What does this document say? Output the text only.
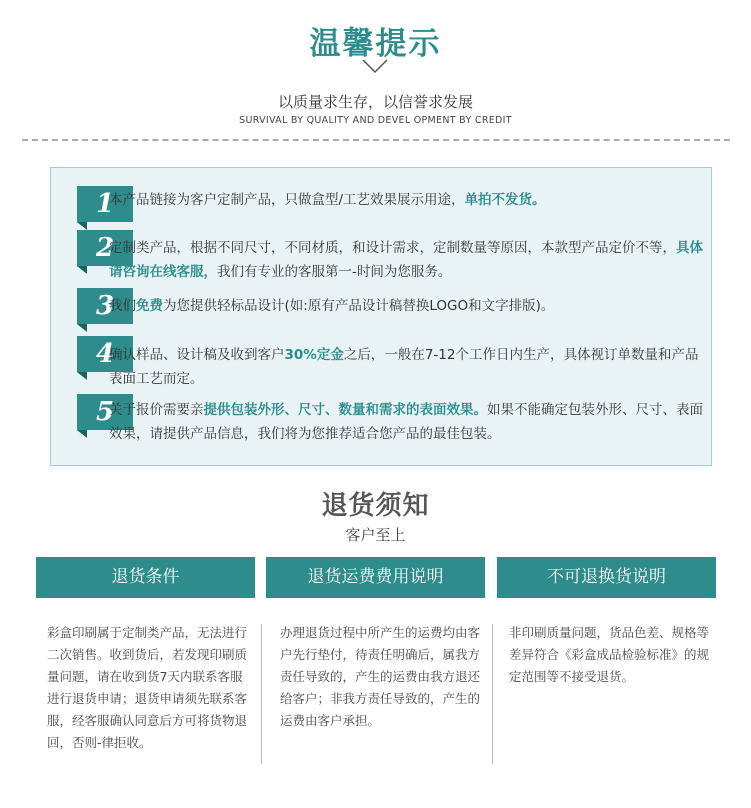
温馨提示
以质量求生存，以信誉求发展
SURVIVAL BY QUALITY AND DEVEL OPMENT BY CREDIT
1
本产品链接为客户定制产品，只做盒型/工艺效果展示用途，单拍不发货。
2
定制类产品，根据不同尺寸，不同材质，和设计需求，定制数量等原因，本款型产品定价不等，具体请咨询在线客服，我们有专业的客服第一-时间为您服务。
3
我们免费为您提供轻标品设计(如:原有产品设计稿替换LOGO和文字排版)。
4
确认样品、设计稿及收到客户30%定金之后，一般在7-12个工作日内生产，具体视订单数量和产品表面工艺而定。
5
关于报价需要亲提供包装外形、尺寸、数量和需求的表面效果。如果不能确定包装外形、尺寸、表面效果，请提供产品信息，我们将为您推荐适合您产品的最佳包装。
退货须知
客户至上
退货条件	退货运费费用说明	不可退换货说明
彩盒印刷属于定制类产品，无法进行二次销售。收到货后，若发现印刷质量问题，请在收到货7天内联系客服进行退货申请；退货申请须先联系客服，经客服确认同意后方可将货物退回，否则-律拒收。
办理退货过程中所产生的运费均由客户先行垫付，待责任明确后，属我方责任导致的，产生的运费由我方退还给客户；非我方责任导致的，产生的运费由客户承担。
非印刷质量问题，货品色差、规格等差异符合《彩盒成品检验标准》的规定范围等不接受退货。
